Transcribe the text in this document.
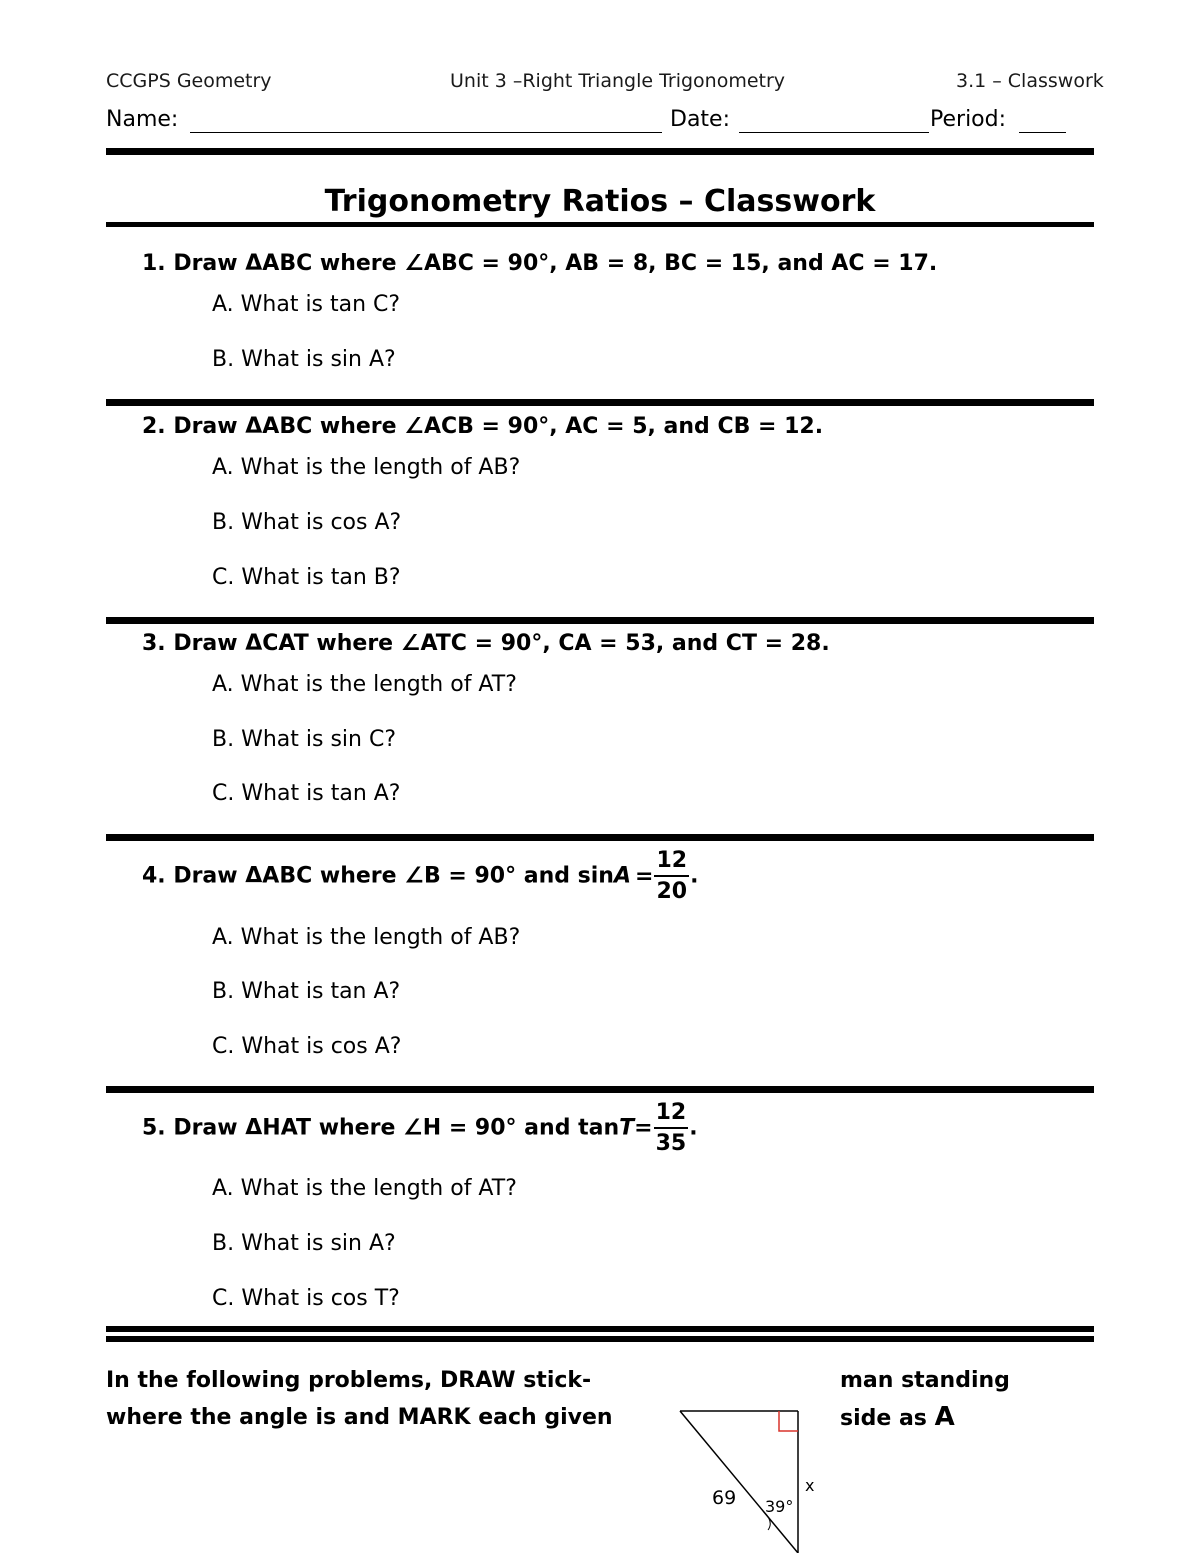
CCGPS Geometry	Unit 3 –Right Triangle Trigonometry	3.1 – Classwork
Name:	Date:	Period:
Trigonometry Ratios – Classwork
1. Draw ΔABC where ∠ABC = 90°, AB = 8, BC = 15, and AC = 17.
A. What is tan C?
B. What is sin A?
2. Draw ΔABC where ∠ACB = 90°, AC = 5, and CB = 12.
A. What is the length of AB?
B. What is cos A?
C. What is tan B?
3. Draw ΔCAT where ∠ATC = 90°, CA = 53, and CT = 28.
A. What is the length of AT?
B. What is sin C?
C. What is tan A?
4. Draw ΔABC where ∠B = 90° and $\sin A = \frac{12}{20}$ .
A. What is the length of AB?
B. What is tan A?
C. What is cos A?
5. Draw ΔHAT where ∠H = 90° and $\tan T= \frac{12}{35}$ .
A. What is the length of AT?
B. What is sin A?
C. What is cos T?
In the following problems, DRAW stick-	man standing
where the angle is and MARK each given	side as A
69 39°
x
